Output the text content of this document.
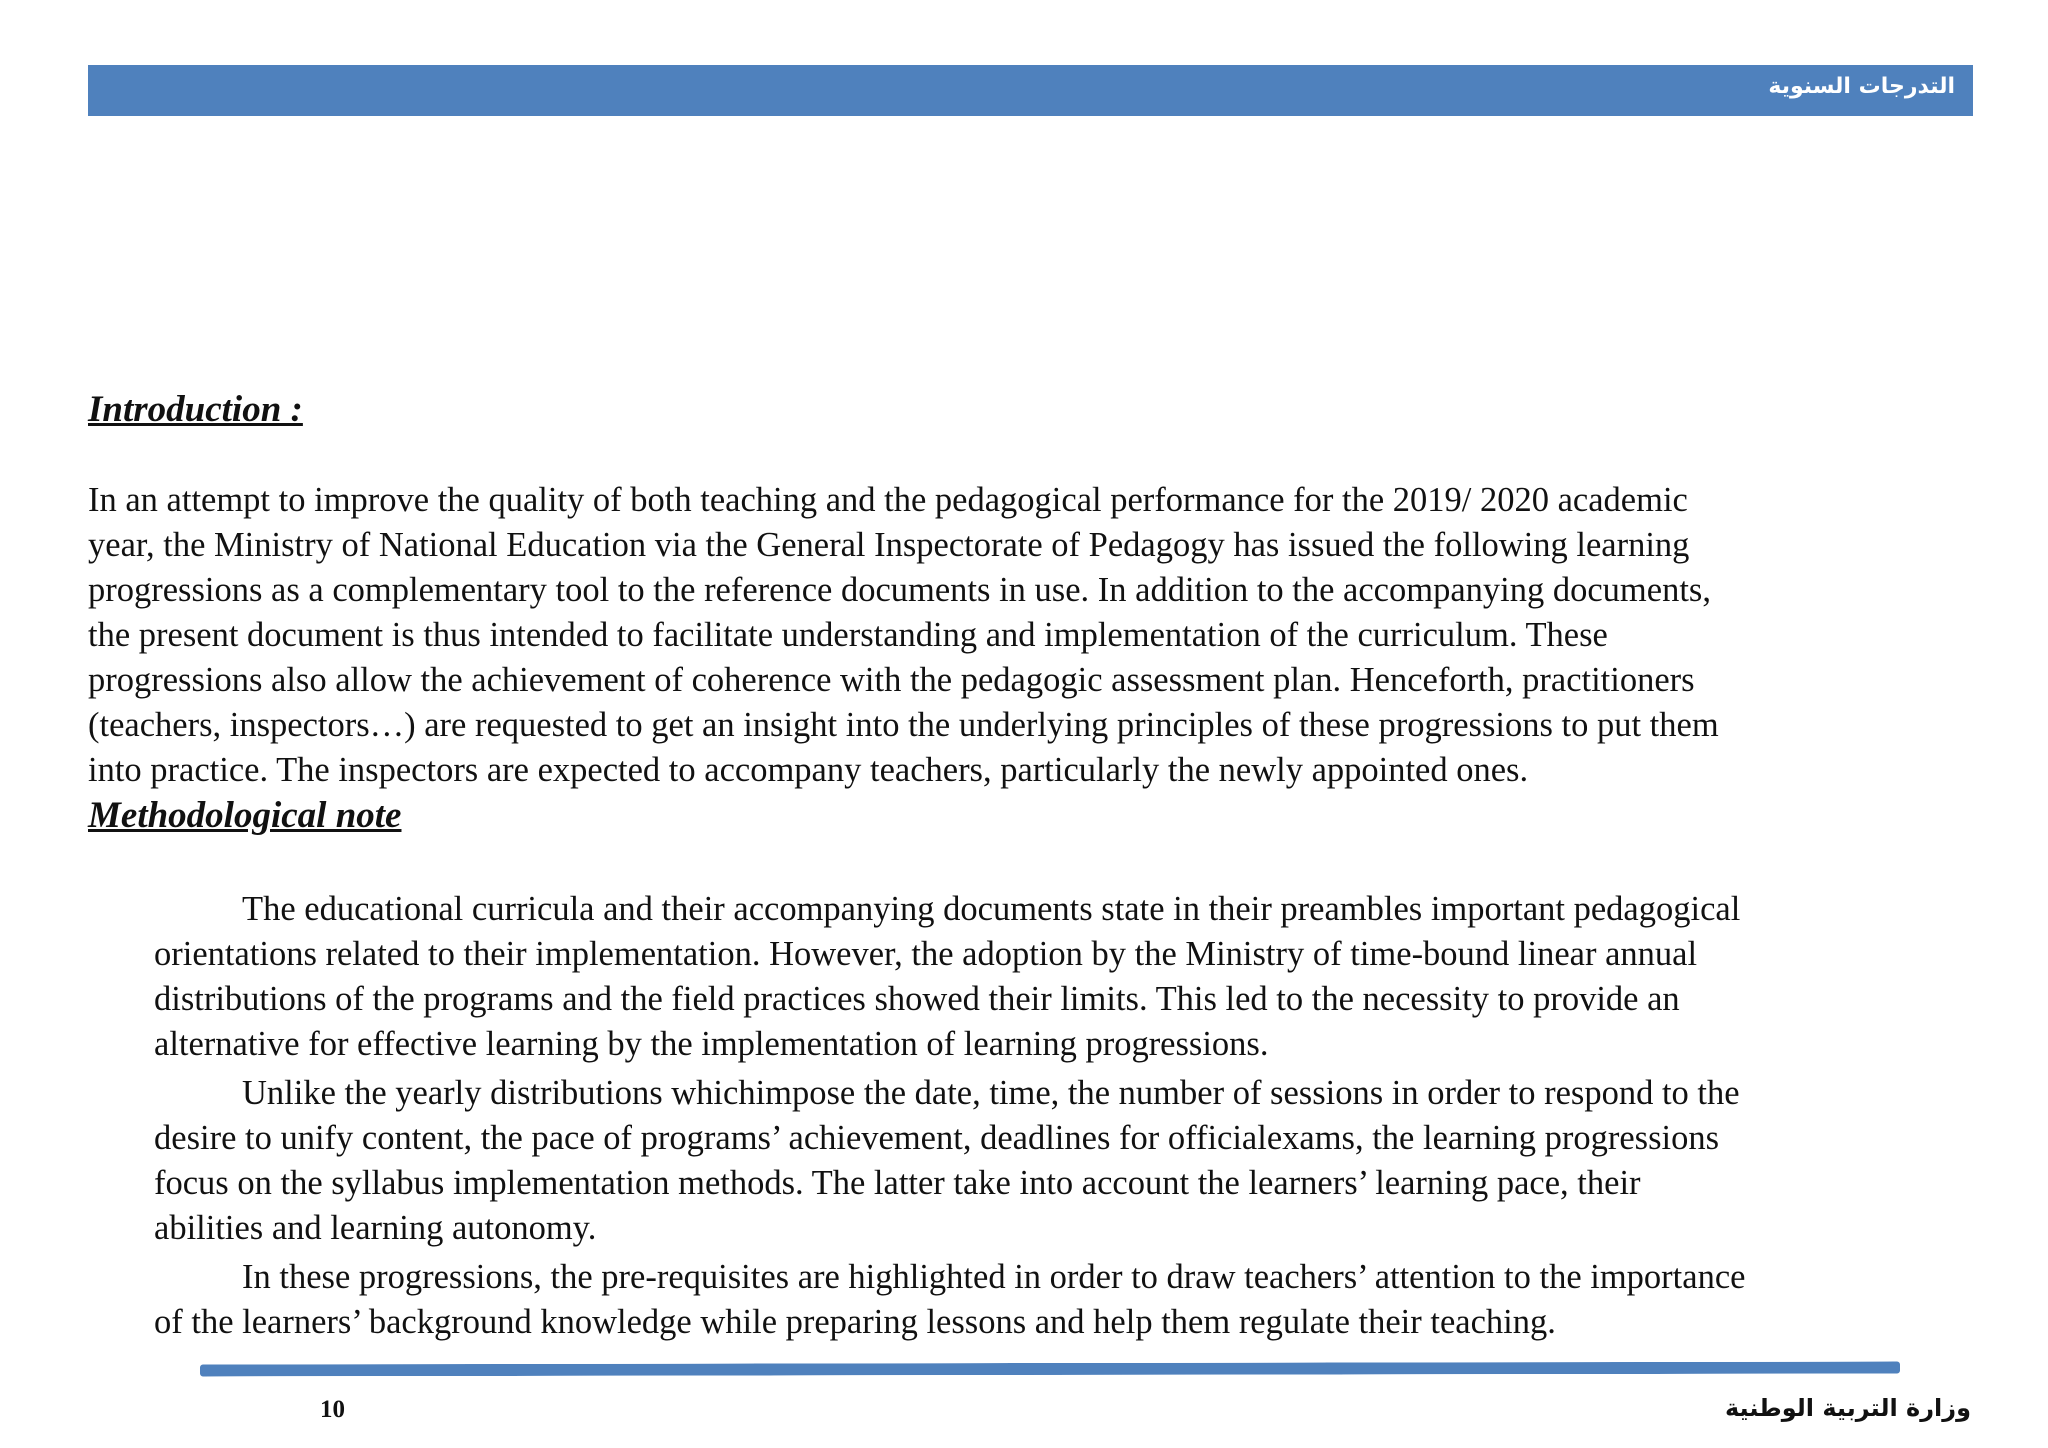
التدرجات السنوية
Introduction :

In an attempt to improve the quality of both teaching and the pedagogical performance for the 2019/ 2020 academic
year, the Ministry of National Education via the General Inspectorate of Pedagogy has issued the following learning
progressions as a complementary tool to the reference documents in use. In addition to the accompanying documents,
the present document is thus intended to facilitate understanding and implementation of the curriculum. These
progressions also allow the achievement of coherence with the pedagogic assessment plan. Henceforth, practitioners
(teachers, inspectors…) are requested to get an insight into the underlying principles of these progressions to put them
into practice. The inspectors are expected to accompany teachers, particularly the newly appointed ones.

Methodological note

The educational curricula and their accompanying documents state in their preambles important pedagogical
orientations related to their implementation. However, the adoption by the Ministry of time-bound linear annual
distributions of the programs and the field practices showed their limits. This led to the necessity to provide an
alternative for effective learning by the implementation of learning progressions.

Unlike the yearly distributions whichimpose the date, time, the number of sessions in order to respond to the
desire to unify content, the pace of programs’ achievement, deadlines for officialexams, the learning progressions
focus on the syllabus implementation methods. The latter take into account the learners’ learning pace, their
abilities and learning autonomy.

In these progressions, the pre-requisites are highlighted in order to draw teachers’ attention to the importance
of the learners’ background knowledge while preparing lessons and help them regulate their teaching.

10	وزارة التربية الوطنية
